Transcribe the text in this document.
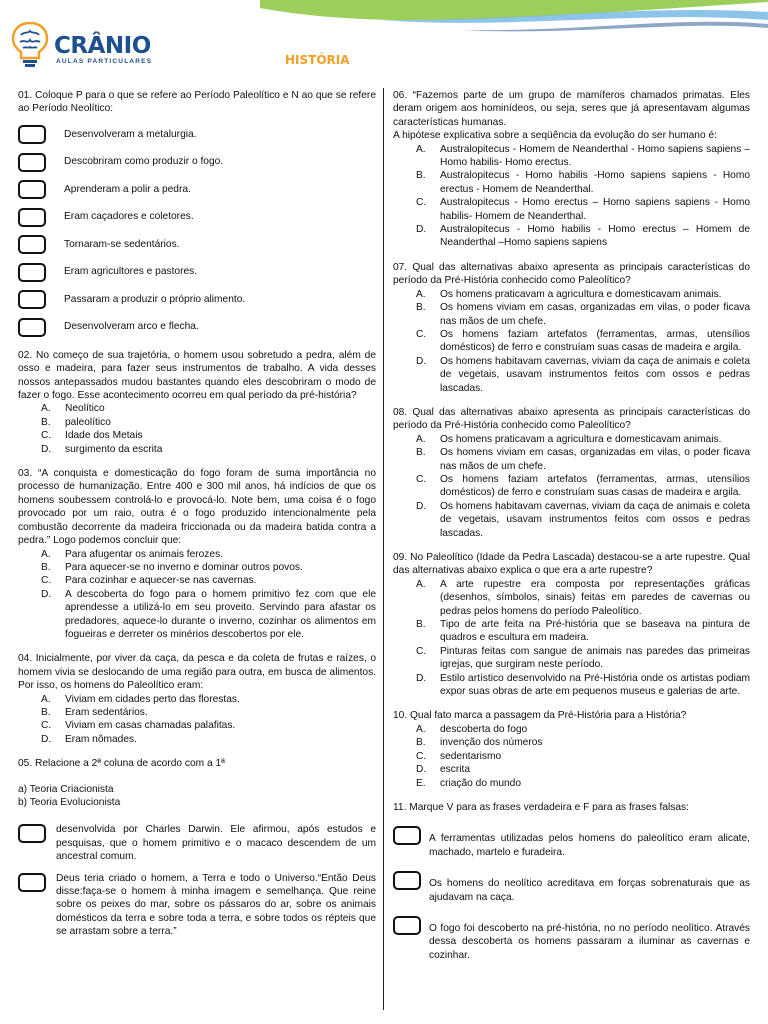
CRÂNIO
AULAS PARTICULARES	HISTÓRIA
01. Coloque P para o que se refere ao Período Paleolítico e N ao que se refere ao Período Neolítico:
Desenvolveram a metalurgia.
Descobriram como produzir o fogo.
Aprenderam a polir a pedra.
Eram caçadores e coletores.
Tornaram-se sedentários.
Eram agricultores e pastores.
Passaram a produzir o próprio alimento.
Desenvolveram arco e flecha.
02. No começo de sua trajetória, o homem usou sobretudo a pedra, além de osso e madeira, para fazer seus instrumentos de trabalho. A vida desses nossos antepassados mudou bastantes quando eles descobriram o modo de fazer o fogo. Esse acontecimento ocorreu em qual período da pré-história?
A.	Neolítico
B.	paleolítico
C.	Idade dos Metais
D.	surgimento da escrita
03. “A conquista e domesticação do fogo foram de suma importância no processo de humanização. Entre 400 e 300 mil anos, há indícios de que os homens soubessem controlá-lo e provocá-lo. Note bem, uma coisa é o fogo provocado por um raio, outra é o fogo produzido intencionalmente pela combustão decorrente da madeira friccionada ou da madeira batida contra a pedra.” Logo podemos concluir que:
A.	Para afugentar os animais ferozes.
B.	Para aquecer-se no inverno e dominar outros povos.
C.	Para cozinhar e aquecer-se nas cavernas.
D.	A descoberta do fogo para o homem primitivo fez com que ele aprendesse a utilizá-lo em seu proveito. Servindo para afastar os predadores, aquece-lo durante o inverno, cozinhar os alimentos em fogueiras e derreter os minérios descobertos por ele.
04. Inicialmente, por viver da caça, da pesca e da coleta de frutas e raízes, o homem vivia se deslocando de uma região para outra, em busca de alimentos. Por isso, os homens do Paleolítico eram:
A.	Viviam em cidades perto das florestas.
B.	Eram sedentários.
C.	Viviam em casas chamadas palafitas.
D.	Eram nômades.
05. Relacione a 2ª coluna de acordo com a 1ª
a) Teoria Criacionista
b) Teoria Evolucionista
desenvolvida por Charles Darwin. Ele afirmou, após estudos e pesquisas, que o homem primitivo e o macaco descendem de um ancestral comum.
Deus teria criado o homem, a Terra e todo o Universo.“Então Deus disse:faça-se o homem à minha imagem e semelhança. Que reine sobre os peixes do mar, sobre os pássaros do ar, sobre os animais domésticos da terra e sobre toda a terra, e sobre todos os répteis que se arrastam sobre a terra.”
06. “Fazemos parte de um grupo de mamíferos chamados primatas. Eles deram origem aos hominídeos, ou seja, seres que já apresentavam algumas características humanas.
A hipótese explicativa sobre a seqüência da evolução do ser humano é:
A.	Australopitecus - Homem de Neanderthal - Homo sapiens sapiens –Homo habilis- Homo erectus.
B.	Australopitecus - Homo habilis -Homo sapiens sapiens - Homo erectus - Homem de Neanderthal.
C.	Australopitecus - Homo erectus – Homo sapiens sapiens - Homo habilis- Homem de Neanderthal.
D.	Australopitecus - Homo habilis - Homo erectus – Homem de Neanderthal –Homo sapiens sapiens
07. Qual das alternativas abaixo apresenta as principais características do período da Pré-História conhecido como Paleolítico?
A.	Os homens praticavam a agricultura e domesticavam animais.
B.	Os homens viviam em casas, organizadas em vilas, o poder ficava nas mãos de um chefe.
C.	Os homens faziam artefatos (ferramentas, armas, utensílios domésticos) de ferro e construíam suas casas de madeira e argila.
D.	Os homens habitavam cavernas, viviam da caça de animais e coleta de vegetais, usavam instrumentos feitos com ossos e pedras lascadas.
08. Qual das alternativas abaixo apresenta as principais características do período da Pré-História conhecido como Paleolítico?
A.	Os homens praticavam a agricultura e domesticavam animais.
B.	Os homens viviam em casas, organizadas em vilas, o poder ficava nas mãos de um chefe.
C.	Os homens faziam artefatos (ferramentas, armas, utensílios domésticos) de ferro e construíam suas casas de madeira e argila.
D.	Os homens habitavam cavernas, viviam da caça de animais e coleta de vegetais, usavam instrumentos feitos com ossos e pedras lascadas.
09. No Paleolítico (Idade da Pedra Lascada) destacou-se a arte rupestre. Qual das alternativas abaixo explica o que era a arte rupestre?
A.	A arte rupestre era composta por representações gráficas (desenhos, símbolos, sinais) feitas em paredes de cavernas ou pedras pelos homens do período Paleolítico.
B.	Tipo de arte feita na Pré-história que se baseava na pintura de quadros e escultura em madeira.
C.	Pinturas feitas com sangue de animais nas paredes das primeiras igrejas, que surgiram neste período.
D.	Estilo artístico desenvolvido na Pré-História onde os artistas podiam expor suas obras de arte em pequenos museus e galerias de arte.
10. Qual fato marca a passagem da Pré-História para a História?
A.	descoberta do fogo
B.	invenção dos números
C.	sedentarismo
D.	escrita
E.	criação do mundo
11. Marque V para as frases verdadeira e F para as frases falsas:
A ferramentas utilizadas pelos homens do paleolítico eram alicate, machado, martelo e furadeira.
Os homens do neolítico acreditava em forças sobrenaturais que as ajudavam na caça.
O fogo foi descoberto na pré-história, no no período neolítico. Através dessa descoberta os homens passaram a iluminar as cavernas e cozinhar.
